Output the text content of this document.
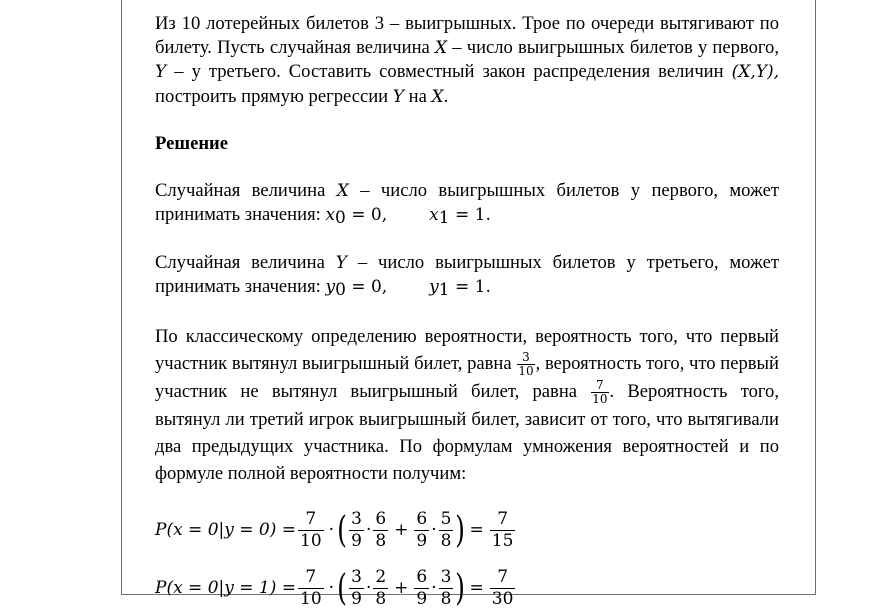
Из 10 лотерейных билетов 3 – выигрышных. Трое по очереди вытягивают по билету. Пусть случайная величина X – число выигрышных билетов у первого, Y – у третьего. Составить совместный закон распределения величин (X,Y), построить прямую регрессии Y на X.

Решение

Случайная величина X – число выигрышных билетов у первого, может принимать значения: $x_0 = 0$, $x_1 = 1$.

Случайная величина Y – число выигрышных билетов у третьего, может принимать значения: $y_0 = 0$, $y_1 = 1$.

По классическому определению вероятности, вероятность того, что первый участник вытянул выигрышный билет, равна $\frac{3}{10}$ , вероятность того, что первый участник не вытянул выигрышный билет, равна $\frac{7}{10}$ . Вероятность того, вытянул ли третий игрок выигрышный билет, зависит от того, что вытягивали два предыдущих участника. По формулам умножения вероятностей и по формуле полной вероятности получим:

$P(x = 0|y = 0) = \frac{7}{10}$ · ( $\frac{3}{9} \cdot \frac{6}{8} + \frac{6}{9} \cdot \frac{5}{8}$ ) = $\frac{7}{15}$
$P(x = 0|y = 1) = \frac{7}{10}$ · ( $\frac{3}{9} \cdot \frac{2}{8} + \frac{6}{9} \cdot \frac{3}{8}$ ) = $\frac{7}{30}$
